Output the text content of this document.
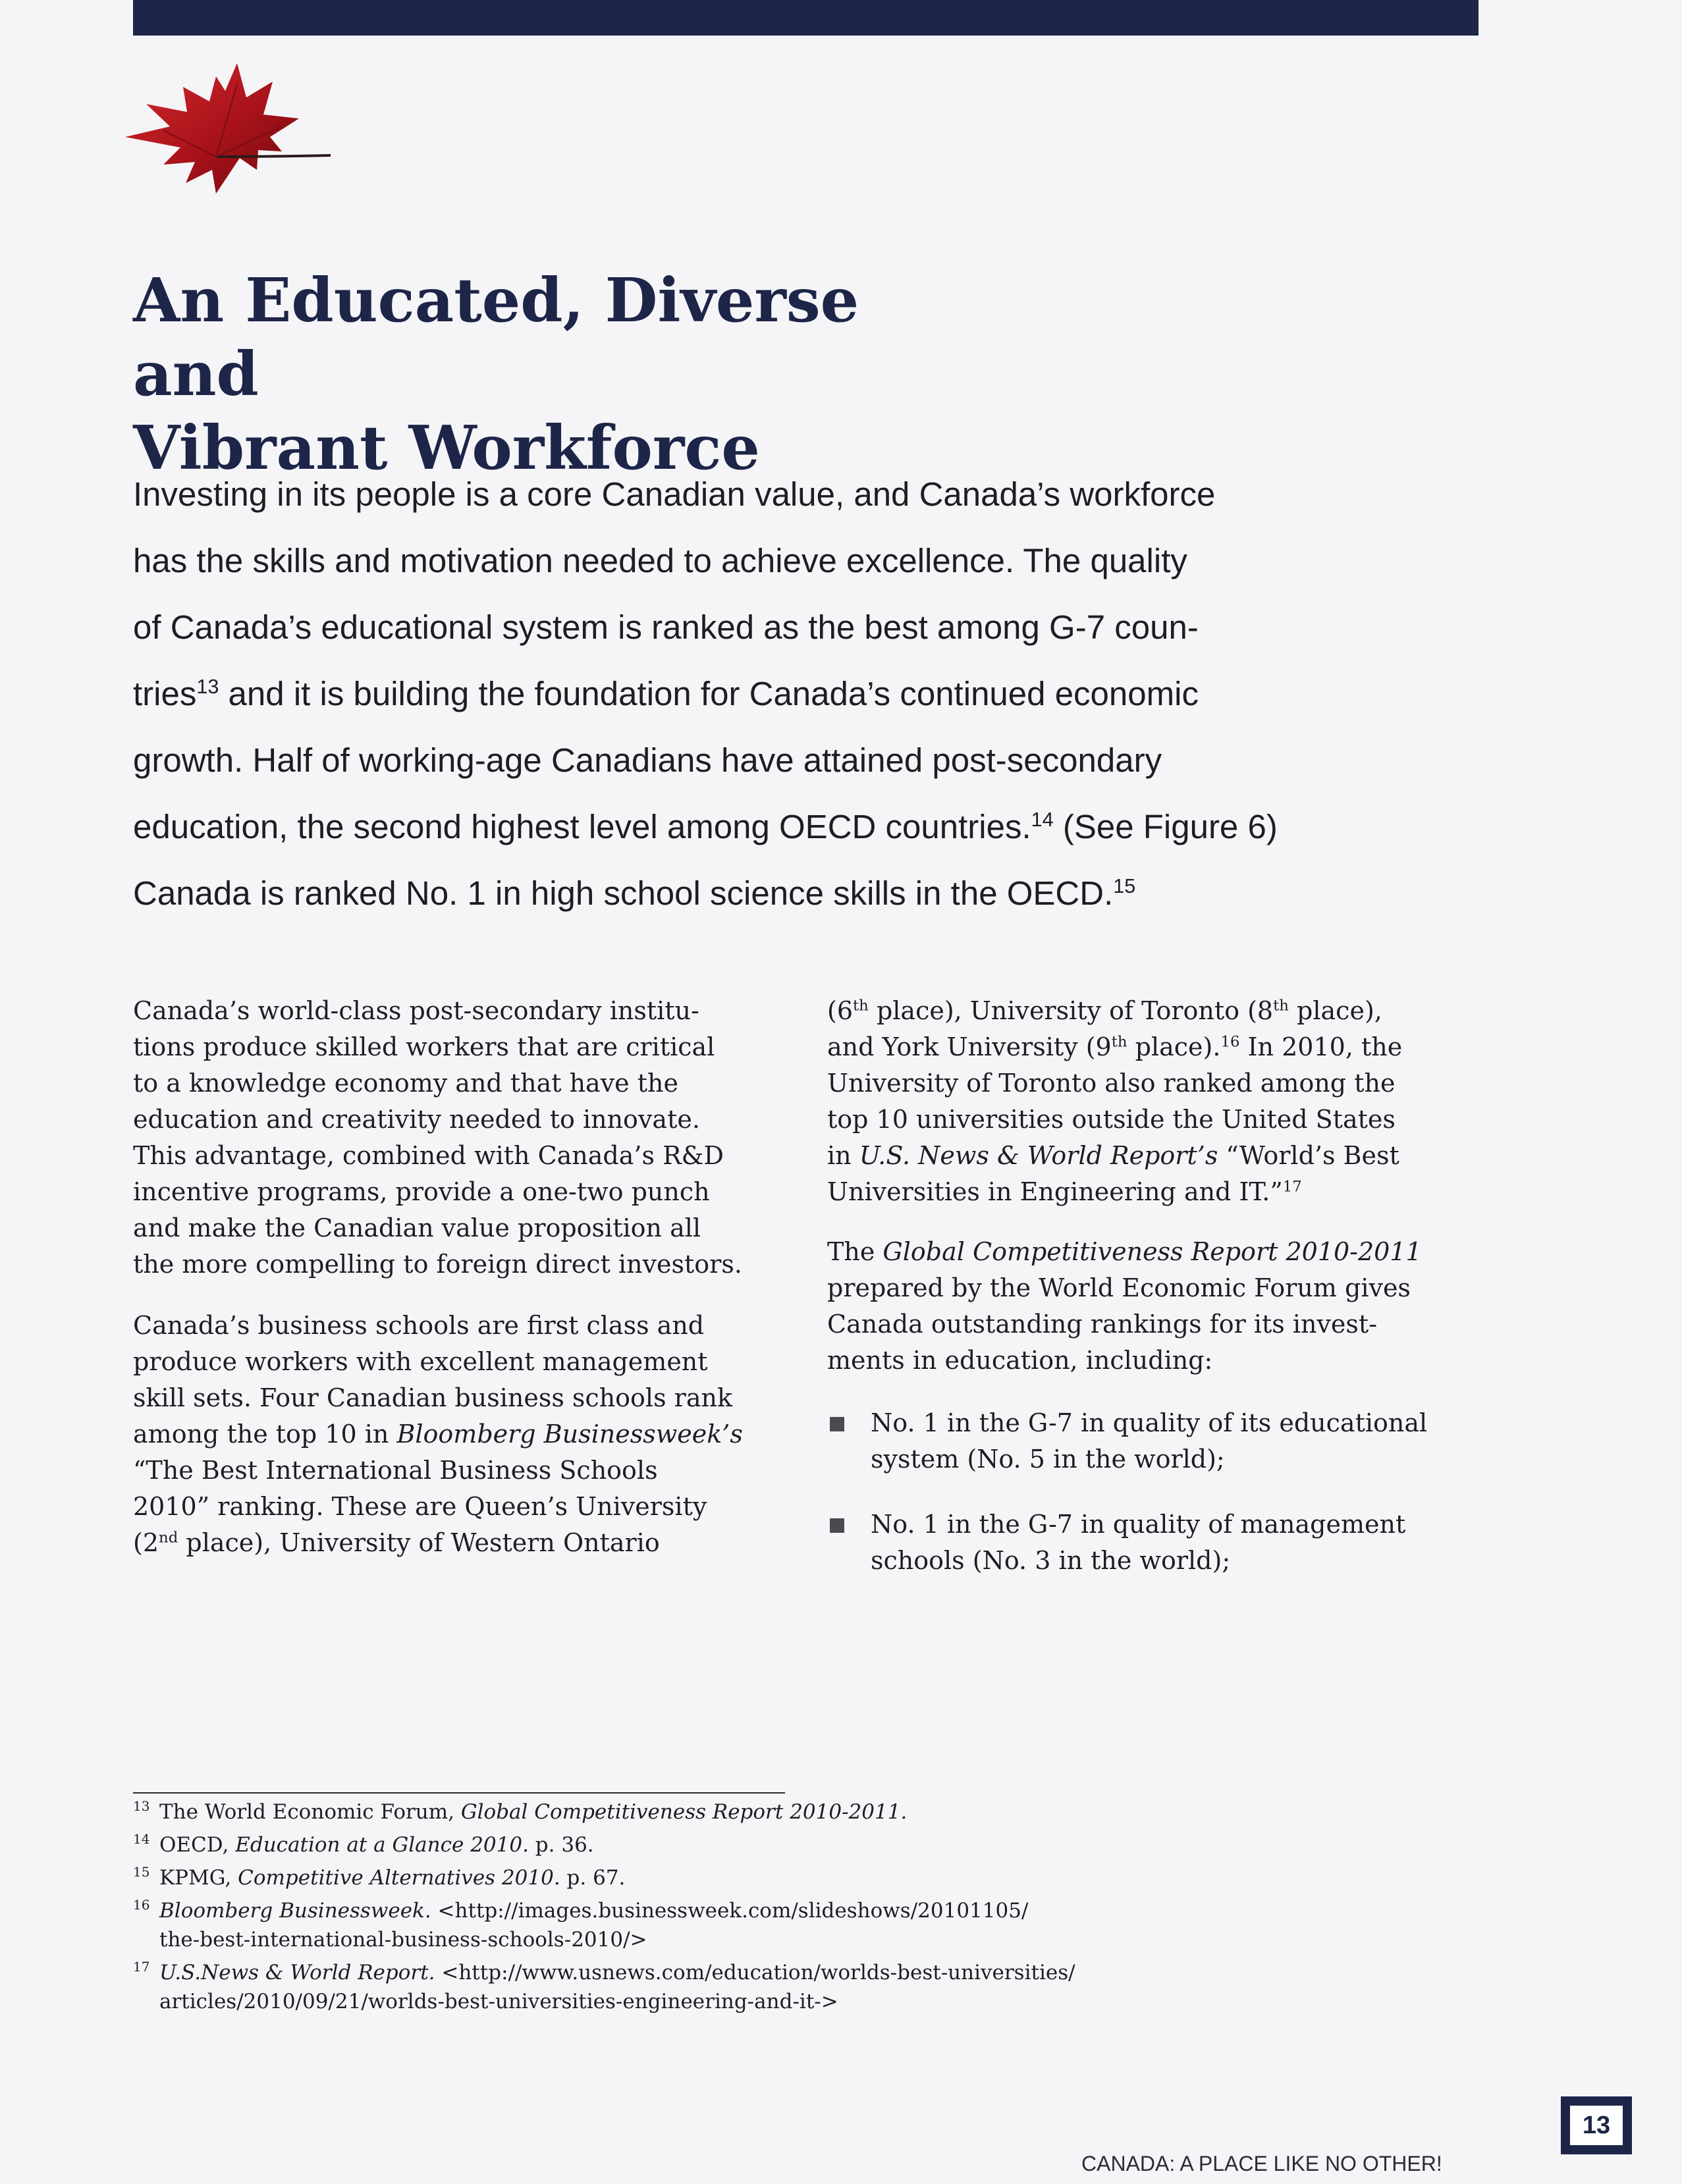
An Educated, Diverse and
Vibrant Workforce
Investing in its people is a core Canadian value, and Canada’s workforce
has the skills and motivation needed to achieve excellence. The quality
of Canada’s educational system is ranked as the best among G-7 coun-
tries$^{13}$ and it is building the foundation for Canada’s continued economic
growth. Half of working-age Canadians have attained post-secondary
education, the second highest level among OECD countries.$^{14}$ (See Figure 6)
Canada is ranked No. 1 in high school science skills in the OECD.$^{15}$
Canada’s world-class post-secondary institu-
tions produce skilled workers that are critical
to a knowledge economy and that have the
education and creativity needed to innovate.
This advantage, combined with Canada’s R&D
incentive programs, provide a one-two punch
and make the Canadian value proposition all
the more compelling to foreign direct investors.
Canada’s business schools are first class and
produce workers with excellent management
skill sets. Four Canadian business schools rank
among the top 10 in Bloomberg Businessweek’s
“The Best International Business Schools
2010” ranking. These are Queen’s University
(2nd place), University of Western Ontario
(6th place), University of Toronto (8th place),
and York University (9th place).$^{16}$ In 2010, the
University of Toronto also ranked among the
top 10 universities outside the United States
in U.S. News & World Report’s “World’s Best
Universities in Engineering and IT.”$^{17}$
The Global Competitiveness Report 2010-2011
prepared by the World Economic Forum gives
Canada outstanding rankings for its invest-
ments in education, including:
No. 1 in the G-7 in quality of its educational
system (No. 5 in the world);
No. 1 in the G-7 in quality of management
schools (No. 3 in the world);
13 The World Economic Forum, Global Competitiveness Report 2010-2011.
14 OECD, Education at a Glance 2010. p. 36.
15 KPMG, Competitive Alternatives 2010. p. 67.
16 Bloomberg Businessweek. <http://images.businessweek.com/slideshows/20101105/
the-best-international-business-schools-2010/>
17 U.S.News & World Report. <http://www.usnews.com/education/worlds-best-universities/
articles/2010/09/21/worlds-best-universities-engineering-and-it->
CANADA: A PLACE LIKE NO OTHER!
13
